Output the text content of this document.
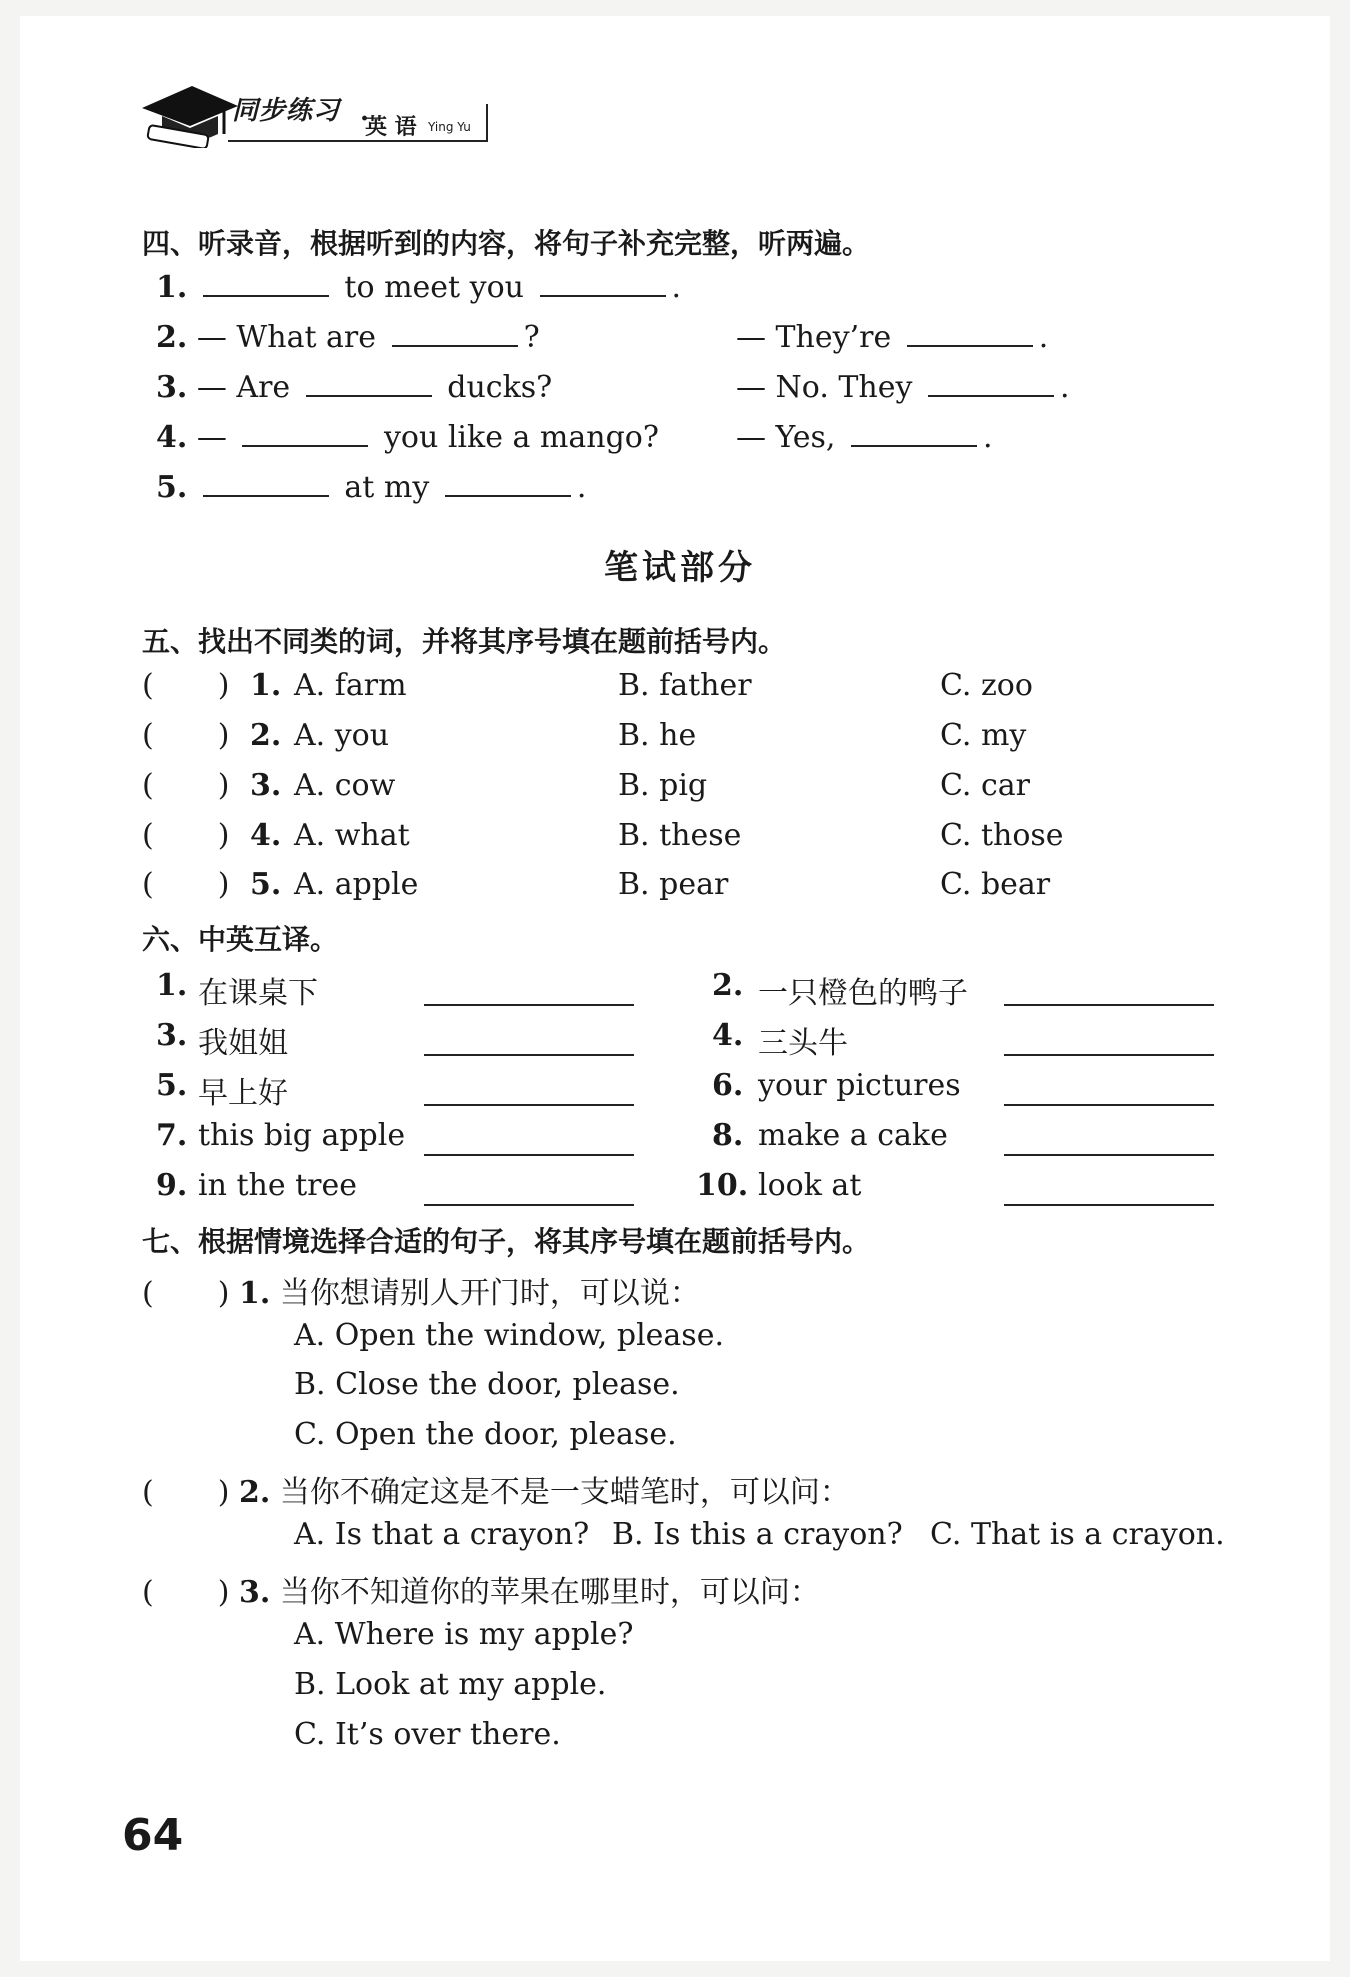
同步练习 ·
英 语 Ying Yu
四、听录音，根据听到的内容，将句子补充完整，听两遍。
1.	to meet you	.
2. — What are	?	— They’re	.
3. — Are	ducks?	— No. They	.
4. —	you like a mango?	— Yes,	.
5.	at my	.
笔试部分
五、找出不同类的词，并将其序号填在题前括号内。
( ) 1. A. farm	B. father	C. zoo
( ) 2. A. you	B. he	C. my
( ) 3. A. cow	B. pig	C. car
( ) 4. A. what	B. these	C. those
( ) 5. A. apple	B. pear	C. bear
六、中英互译。
1. 在课桌下	2. 一只橙色的鸭子
3. 我姐姐	4. 三头牛
5. 早上好	6. your pictures
7. this big apple	8. make a cake
9. in the tree	10. look at
七、根据情境选择合适的句子，将其序号填在题前括号内。
( ) 1. 当你想请别人开门时，可以说：
A. Open the window, please.
B. Close the door, please.
C. Open the door, please.
( ) 2. 当你不确定这是不是一支蜡笔时，可以问：
A. Is that a crayon? B. Is this a crayon? C. That is a crayon.
( ) 3. 当你不知道你的苹果在哪里时，可以问：
A. Where is my apple?
B. Look at my apple.
C. It’s over there.
64
